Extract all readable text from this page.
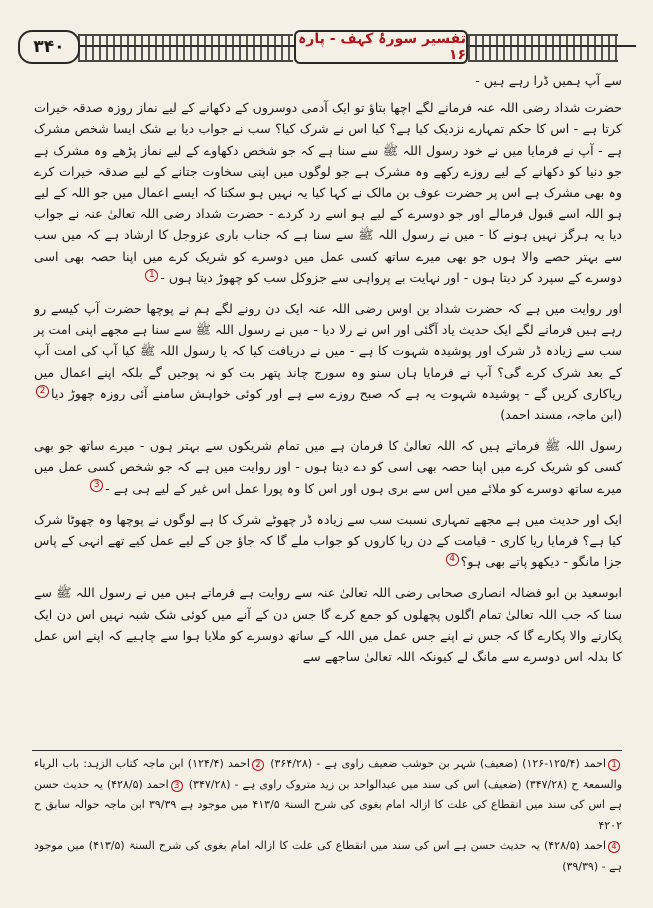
۳۴۰	تفسیر سورۂ کہف - پارہ ۱۶

سے آپ ہمیں ڈرا رہے ہیں -

حضرت شداد رضی اللہ عنہ فرمانے لگے اچھا بتاؤ تو ایک آدمی دوسروں کے دکھانے کے لیے نماز روزہ صدقہ خیرات کرتا ہے - اس کا حکم تمہارے نزدیک کیا ہے؟ کیا اس نے شرک کیا؟ سب نے جواب دیا بے شک ایسا شخص مشرک ہے - آپ نے فرمایا میں نے خود رسول اللہ ﷺ سے سنا ہے کہ جو شخص دکھاوے کے لیے نماز پڑھے وہ مشرک ہے جو دنیا کو دکھانے کے لیے روزے رکھے وہ مشرک ہے جو لوگوں میں اپنی سخاوت جتانے کے لیے صدقہ خیرات کرے وہ بھی مشرک ہے اس پر حضرت عوف بن مالک نے کہا کیا یہ نہیں ہو سکتا کہ ایسے اعمال میں جو اللہ کے لیے ہو اللہ اسے قبول فرمالے اور جو دوسرے کے لیے ہو اسے رد کردے - حضرت شداد رضی اللہ تعالیٰ عنہ نے جواب دیا یہ ہرگز نہیں ہونے کا - میں نے رسول اللہ ﷺ سے سنا ہے کہ جناب باری عزوجل کا ارشاد ہے کہ میں سب سے بہتر حصے والا ہوں جو بھی میرے ساتھ کسی عمل میں دوسرے کو شریک کرے میں اپنا حصہ بھی اسی دوسرے کے سپرد کر دیتا ہوں - اور نہایت بے پرواہی سے جزوکل سب کو چھوڑ دیتا ہوں -1

اور روایت میں ہے کہ حضرت شداد بن اوس رضی اللہ عنہ ایک دن رونے لگے ہم نے پوچھا حضرت آپ کیسے رو رہے ہیں فرمانے لگے ایک حدیث یاد آگئی اور اس نے رلا دیا - میں نے رسول اللہ ﷺ سے سنا ہے مجھے اپنی امت پر سب سے زیادہ ڈر شرک اور پوشیدہ شہوت کا ہے - میں نے دریافت کیا کہ یا رسول اللہ ﷺ کیا آپ کی امت آپ کے بعد شرک کرے گی؟ آپ نے فرمایا ہاں سنو وہ سورج چاند پتھر بت کو نہ پوجیں گے بلکہ اپنے اعمال میں ریاکاری کریں گے - پوشیدہ شہوت یہ ہے کہ صبح روزے سے ہے اور کوئی خواہش سامنے آئی روزہ چھوڑ دیا2 (ابن ماجہ، مسند احمد)

رسول اللہ ﷺ فرماتے ہیں کہ اللہ تعالیٰ کا فرمان ہے میں تمام شریکوں سے بہتر ہوں - میرے ساتھ جو بھی کسی کو شریک کرے میں اپنا حصہ بھی اسی کو دے دیتا ہوں - اور روایت میں ہے کہ جو شخص کسی عمل میں میرے ساتھ دوسرے کو ملائے میں اس سے بری ہوں اور اس کا وہ پورا عمل اس غیر کے لیے ہی ہے -3

ایک اور حدیث میں ہے مجھے تمہاری نسبت سب سے زیادہ ڈر چھوٹے شرک کا ہے لوگوں نے پوچھا وہ چھوٹا شرک کیا ہے؟ فرمایا ریا کاری - قیامت کے دن ریا کاروں کو جواب ملے گا کہ جاؤ جن کے لیے عمل کیے تھے انہی کے پاس جزا مانگو - دیکھو پاتے بھی ہو؟4

ابوسعید بن ابو فضالہ انصاری صحابی رضی اللہ تعالیٰ عنہ سے روایت ہے فرماتے ہیں میں نے رسول اللہ ﷺ سے سنا کہ جب اللہ تعالیٰ تمام اگلوں پچھلوں کو جمع کرے گا جس دن کے آنے میں کوئی شک شبہ نہیں اس دن ایک پکارنے والا پکارے گا کہ جس نے اپنے جس عمل میں اللہ کے ساتھ دوسرے کو ملایا ہوا سے چاہیے کہ اپنے اس عمل کا بدلہ اس دوسرے سے مانگ لے کیونکہ اللہ تعالیٰ ساجھے سے

1احمد (۱۲۵/۴-۱۲۶) (ضعیف) شہر بن حوشب ضعیف راوی ہے - (۳۶۴/۲۸) 2احمد (۱۲۴/۴) ابن ماجہ کتاب الزہد: باب الریاء والسمعۃ ح (۳۴۷/۲۸) (ضعیف) اس کی سند میں عبدالواحد بن زید متروک راوی ہے - (۳۴۷/۲۸) 3احمد (۴۲۸/۵) یہ حدیث حسن ہے اس کی سند میں انقطاع کی علت کا ازالہ امام بغوی کی شرح السنۃ ۴۱۳/۵ میں موجود ہے ۳۹/۳۹ ابن ماجہ حوالہ سابق ح ۴۲۰۲
4احمد (۴۲۸/۵) یہ حدیث حسن ہے اس کی سند میں انقطاع کی علت کا ازالہ امام بغوی کی شرح السنۃ (۴۱۳/۵) میں موجود ہے - (۳۹/۳۹)
